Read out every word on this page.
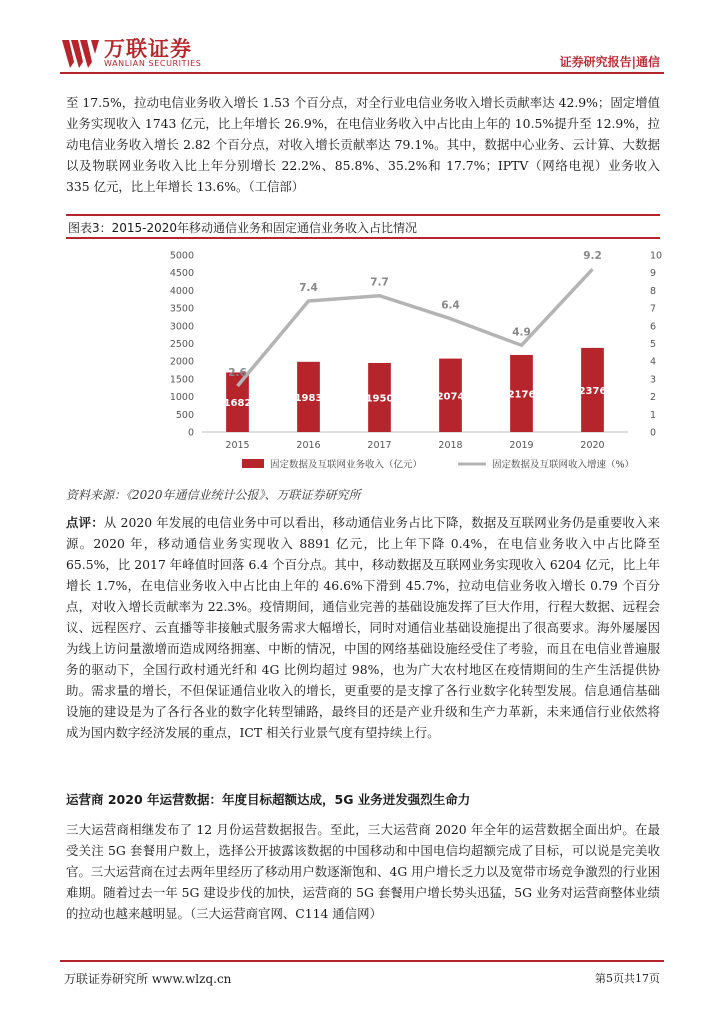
万联证券
WANLIAN SECURITIES	证券研究报告|通信

至 17.5%，拉动电信业务收入增长 1.53 个百分点，对全行业电信业务收入增长贡献率达 42.9%；固定增值业务实现收入 1743 亿元，比上年增长 26.9%，在电信业务收入中占比由上年的 10.5%提升至 12.9%，拉动电信业务收入增长 2.82 个百分点，对收入增长贡献率达 79.1%。其中，数据中心业务、云计算、大数据以及物联网业务收入比上年分别增长 22.2%、85.8%、35.2%和 17.7%；IPTV（网络电视）业务收入 335 亿元，比上年增长 13.6%。（工信部）

图表3：2015-2020年移动通信业务和固定通信业务收入占比情况
0
500
1000
1500
2000
2500
3000
3500
4000
4500
5000
0
1
2
3
4
5
6
7
8
9
10
1682
2015
1983
2016
1950
2017
2074
2018
2176
2019
2376
2020
2.6
7.4	7.7
6.4
4.9
9.2
固定数据及互联网业务收入（亿元）	固定数据及互联网收入增速（%）
资料来源：《2020年通信业统计公报》、万联证券研究所

点评：从 2020 年发展的电信业务中可以看出，移动通信业务占比下降，数据及互联网业务仍是重要收入来源。2020 年，移动通信业务实现收入 8891 亿元，比上年下降 0.4%，在电信业务收入中占比降至 65.5%，比 2017 年峰值时回落 6.4 个百分点。其中，移动数据及互联网业务实现收入 6204 亿元，比上年增长 1.7%，在电信业务收入中占比由上年的 46.6%下滑到 45.7%，拉动电信业务收入增长 0.79 个百分点，对收入增长贡献率为 22.3%。疫情期间，通信业完善的基础设施发挥了巨大作用，行程大数据、远程会议、远程医疗、云直播等非接触式服务需求大幅增长，同时对通信业基础设施提出了很高要求。海外屡屡因为线上访问量激增而造成网络拥塞、中断的情况，中国的网络基础设施经受住了考验，而且在电信业普遍服务的驱动下，全国行政村通光纤和 4G 比例均超过 98%，也为广大农村地区在疫情期间的生产生活提供协助。需求量的增长，不但保证通信业收入的增长，更重要的是支撑了各行业数字化转型发展。信息通信基础设施的建设是为了各行各业的数字化转型铺路，最终目的还是产业升级和生产力革新，未来通信行业依然将成为国内数字经济发展的重点，ICT 相关行业景气度有望持续上行。

运营商 2020 年运营数据：年度目标超额达成，5G 业务迸发强烈生命力

三大运营商相继发布了 12 月份运营数据报告。至此，三大运营商 2020 年全年的运营数据全面出炉。在最受关注 5G 套餐用户数上，选择公开披露该数据的中国移动和中国电信均超额完成了目标，可以说是完美收官。三大运营商在过去两年里经历了移动用户数逐渐饱和、4G 用户增长乏力以及宽带市场竞争激烈的行业困难期。随着过去一年 5G 建设步伐的加快，运营商的 5G 套餐用户增长势头迅猛，5G 业务对运营商整体业绩的拉动也越来越明显。（三大运营商官网、C114 通信网）

万联证券研究所 www.wlzq.cn	第5页共17页
